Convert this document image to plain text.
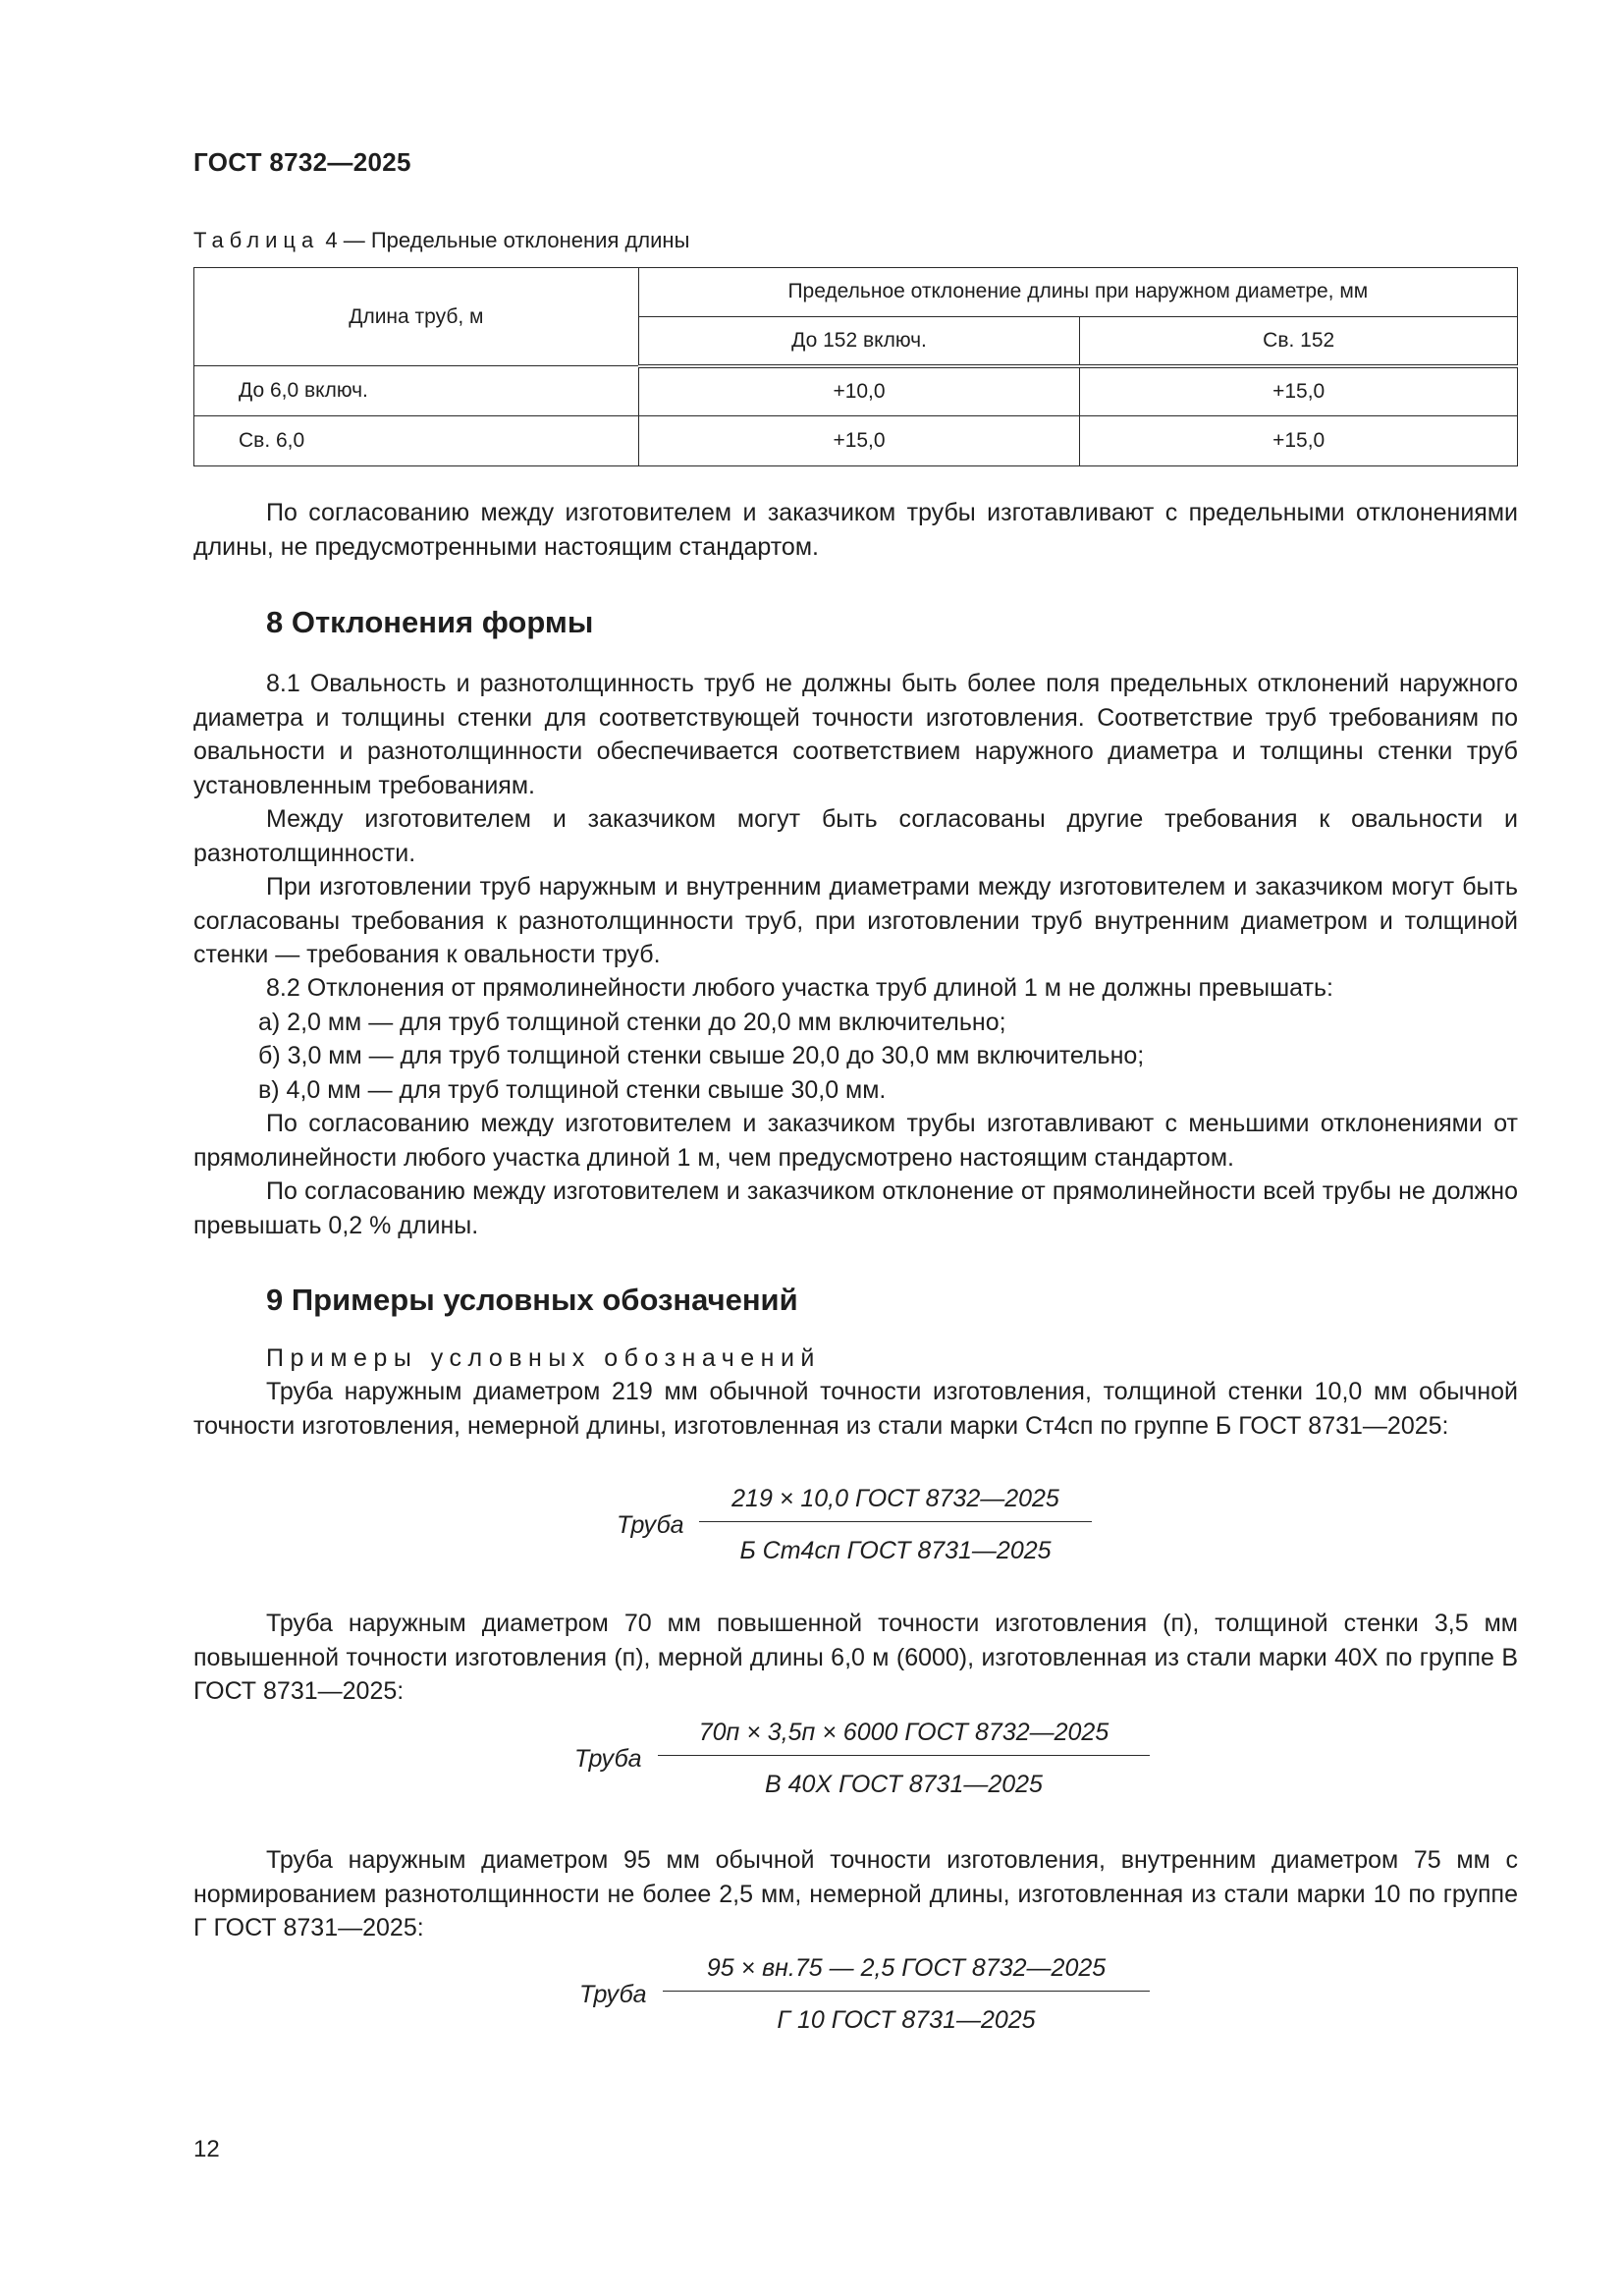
ГОСТ 8732—2025
Таблица 4 — Предельные отклонения длины
Длина труб, м	Предельное отклонение длины при наружном диаметре, мм	
	До 152 включ.	Св. 152
До 6,0 включ.	+10,0	+15,0
Св. 6,0	+15,0	+15,0

По согласованию между изготовителем и заказчиком трубы изготавливают с предельными отклонениями длины, не предусмотренными настоящим стандартом.

8 Отклонения формы

8.1 Овальность и разнотолщинность труб не должны быть более поля предельных отклонений наружного диаметра и толщины стенки для соответствующей точности изготовления. Соответствие труб требованиям по овальности и разнотолщинности обеспечивается соответствием наружного диаметра и толщины стенки труб установленным требованиям.

Между изготовителем и заказчиком могут быть согласованы другие требования к овальности и разнотолщинности.

При изготовлении труб наружным и внутренним диаметрами между изготовителем и заказчиком могут быть согласованы требования к разнотолщинности труб, при изготовлении труб внутренним диаметром и толщиной стенки — требования к овальности труб.

8.2 Отклонения от прямолинейности любого участка труб длиной 1 м не должны превышать:

а) 2,0 мм — для труб толщиной стенки до 20,0 мм включительно;

б) 3,0 мм — для труб толщиной стенки свыше 20,0 до 30,0 мм включительно;

в) 4,0 мм — для труб толщиной стенки свыше 30,0 мм.

По согласованию между изготовителем и заказчиком трубы изготавливают с меньшими отклонениями от прямолинейности любого участка длиной 1 м, чем предусмотрено настоящим стандартом.

По согласованию между изготовителем и заказчиком отклонение от прямолинейности всей трубы не должно превышать 0,2 % длины.

9 Примеры условных обозначений

Примеры условных обозначений

Труба наружным диаметром 219 мм обычной точности изготовления, толщиной стенки 10,0 мм обычной точности изготовления, немерной длины, изготовленная из стали марки Ст4сп по группе Б ГОСТ 8731—2025:

Труба
219 × 10,0 ГОСТ 8732—2025
Б Ст4сп ГОСТ 8731—2025

Труба наружным диаметром 70 мм повышенной точности изготовления (п), толщиной стенки 3,5 мм повышенной точности изготовления (п), мерной длины 6,0 м (6000), изготовленная из стали марки 40Х по группе В ГОСТ 8731—2025:

Труба
70п × 3,5п × 6000 ГОСТ 8732—2025
В 40Х ГОСТ 8731—2025

Труба наружным диаметром 95 мм обычной точности изготовления, внутренним диаметром 75 мм с нормированием разнотолщинности не более 2,5 мм, немерной длины, изготовленная из стали марки 10 по группе Г ГОСТ 8731—2025:

Труба
95 × вн.75 — 2,5 ГОСТ 8732—2025
Г 10 ГОСТ 8731—2025
12
